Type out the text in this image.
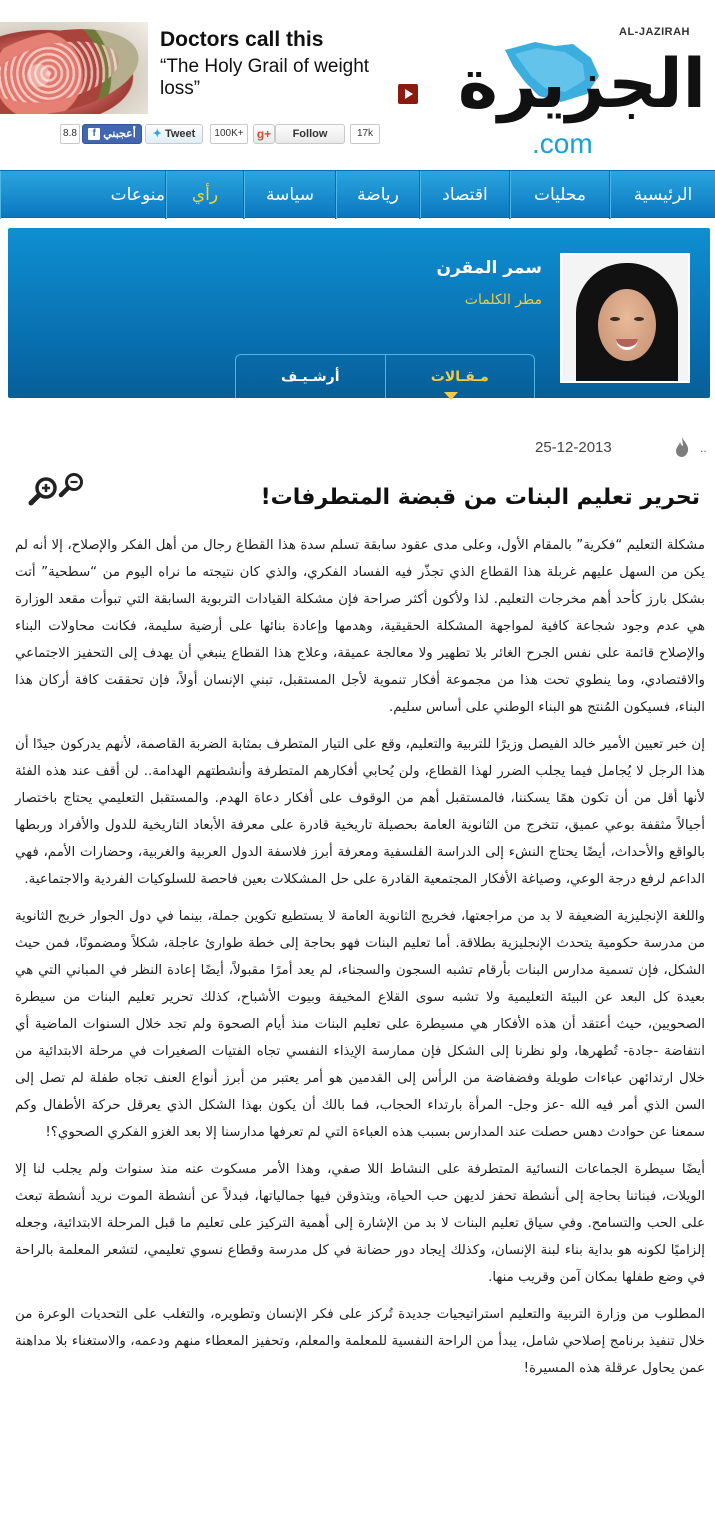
Doctors call this
“The Holy Grail of weight loss”
AL-JAZIRAH
الجزيرة
.com
8.8	f أعجبني	✦ Tweet	100K+	g+	Follow	17k
الرئيسية
محليات
اقتصاد
رياضة
سياسة
رأي
منوعات
سمر المقرن
مطر الكلمات
مـقـالات
أرشـيـف
25-12-2013	..
تحرير تعليم البنات من قبضة المتطرفات!

مشكلة التعليم “فكرية” بالمقام الأول، وعلى مدى عقود سابقة تسلم سدة هذا القطاع رجال من أهل الفكر والإصلاح، إلا أنه لم يكن من السهل عليهم غربلة هذا القطاع الذي تجذّر فيه الفساد الفكري، والذي كان نتيجته ما نراه اليوم من “سطحية” أتت بشكل بارز كأحد أهم مخرجات التعليم. لذا ولأكون أكثر صراحة فإن مشكلة القيادات التربوية السابقة التي تبوأت مقعد الوزارة هي عدم وجود شجاعة كافية لمواجهة المشكلة الحقيقية، وهدمها وإعادة بنائها على أرضية سليمة، فكانت محاولات البناء والإصلاح قائمة على نفس الجرح الغائر بلا تطهير ولا معالجة عميقة، وعلاج هذا القطاع ينبغي أن يهدف إلى التحفيز الاجتماعي والاقتصادي، وما ينطوي تحت هذا من مجموعة أفكار تنموية لأجل المستقبل، تبني الإنسان أولاً، فإن تحققت كافة أركان هذا البناء، فسيكون المُنتج هو البناء الوطني على أساس سليم.

إن خبر تعيين الأمير خالد الفيصل وزيرًا للتربية والتعليم، وقع على التيار المتطرف بمثابة الضربة القاصمة، لأنهم يدركون جيدًا أن هذا الرجل لا يُجامل فيما يجلب الضرر لهذا القطاع، ولن يُحابي أفكارهم المتطرفة وأنشطتهم الهدامة.. لن أقف عند هذه الفئة لأنها أقل من أن تكون همًا يسكننا، فالمستقبل أهم من الوقوف على أفكار دعاة الهدم. والمستقبل التعليمي يحتاج باختصار أجيالاً مثقفة بوعي عميق، تتخرج من الثانوية العامة بحصيلة تاريخية قادرة على معرفة الأبعاد التاريخية للدول والأفراد وربطها بالواقع والأحداث، أيضًا يحتاج النشء إلى الدراسة الفلسفية ومعرفة أبرز فلاسفة الدول العربية والغربية، وحضارات الأمم، فهي الداعم لرفع درجة الوعي، وصياغة الأفكار المجتمعية القادرة على حل المشكلات بعين فاحصة للسلوكيات الفردية والاجتماعية.

واللغة الإنجليزية الضعيفة لا بد من مراجعتها، فخريج الثانوية العامة لا يستطيع تكوين جملة، بينما في دول الجوار خريج الثانوية من مدرسة حكومية يتحدث الإنجليزية بطلاقة. أما تعليم البنات فهو بحاجة إلى خطة طوارئ عاجلة، شكلاً ومضمونًا، فمن حيث الشكل، فإن تسمية مدارس البنات بأرقام تشبه السجون والسجناء، لم يعد أمرًا مقبولاً، أيضًا إعادة النظر في المباني التي هي بعيدة كل البعد عن البيئة التعليمية ولا تشبه سوى القلاع المخيفة وبيوت الأشباح، كذلك تحرير تعليم البنات من سيطرة الصحويين، حيث أعتقد أن هذه الأفكار هي مسيطرة على تعليم البنات منذ أيام الصحوة ولم تجد خلال السنوات الماضية أي انتفاضة -جادة- تُطهرها، ولو نظرنا إلى الشكل فإن ممارسة الإيذاء النفسي تجاه الفتيات الصغيرات في مرحلة الابتدائية من خلال ارتدائهن عباءات طويلة وفضفاضة من الرأس إلى القدمين هو أمر يعتبر من أبرز أنواع العنف تجاه طفلة لم تصل إلى السن الذي أمر فيه الله -عز وجل- المرأة بارتداء الحجاب، فما بالك أن يكون بهذا الشكل الذي يعرقل حركة الأطفال وكم سمعنا عن حوادث دهس حصلت عند المدارس بسبب هذه العباءة التي لم تعرفها مدارسنا إلا بعد الغزو الفكري الصحوي؟!

أيضًا سيطرة الجماعات النسائية المتطرفة على النشاط اللا صفي، وهذا الأمر مسكوت عنه منذ سنوات ولم يجلب لنا إلا الويلات، فبناتنا بحاجة إلى أنشطة تحفز لديهن حب الحياة، ويتذوقن فيها جمالياتها، فبدلاً عن أنشطة الموت نريد أنشطة تبعث على الحب والتسامح. وفي سياق تعليم البنات لا بد من الإشارة إلى أهمية التركيز على تعليم ما قبل المرحلة الابتدائية، وجعله إلزاميًا لكونه هو بداية بناء لبنة الإنسان، وكذلك إيجاد دور حضانة في كل مدرسة وقطاع نسوي تعليمي، لتشعر المعلمة بالراحة في وضع طفلها بمكان آمن وقريب منها.

المطلوب من وزارة التربية والتعليم استراتيجيات جديدة تُركز على فكر الإنسان وتطويره، والتغلب على التحديات الوعرة من خلال تنفيذ برنامج إصلاحي شامل، يبدأ من الراحة النفسية للمعلمة والمعلم، وتحفيز المعطاء منهم ودعمه، والاستغناء بلا مداهنة عمن يحاول عرقلة هذه المسيرة!
